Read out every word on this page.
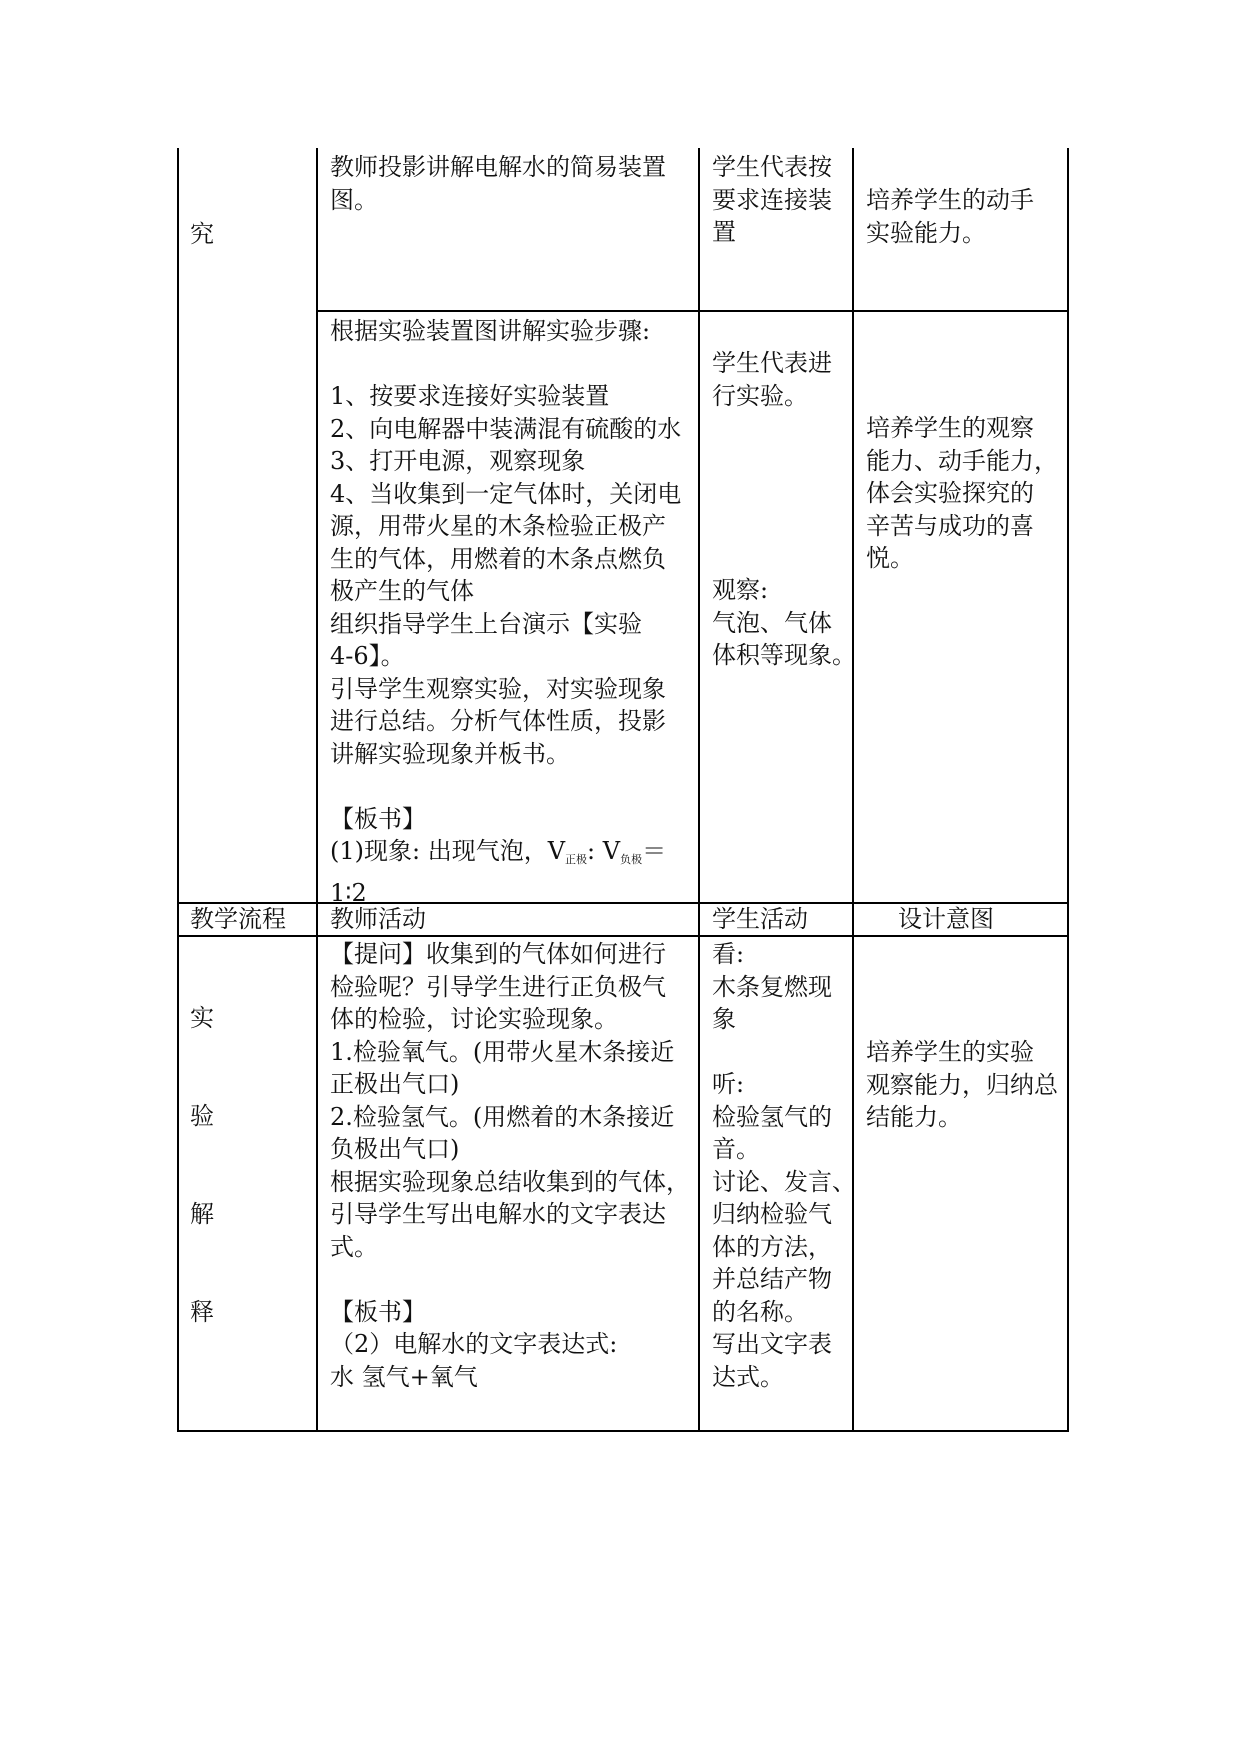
究
教师投影讲解电解水的简易装置
图。
学生代表按
要求连接装
置
培养学生的动手
实验能力。
根据实验装置图讲解实验步骤:
1、按要求连接好实验装置
2、向电解器中装满混有硫酸的水
3、打开电源，观察现象
4、当收集到一定气体时，关闭电
源，用带火星的木条检验正极产
生的气体，用燃着的木条点燃负
极产生的气体
组织指导学生上台演示【实验
4-6】。
引导学生观察实验，对实验现象
进行总结。分析气体性质，投影
讲解实验现象并板书。
【板书】
(1)现象: 出现气泡，$V_{正极}$: $V_{负极}=$
1∶2
学生代表进
行实验。
观察:
气泡、气体
体积等现象。
培养学生的观察
能力、动手能力，
体会实验探究的
辛苦与成功的喜
悦。
教学流程 教师活动	学生活动	设计意图
实
验
解
释
【提问】收集到的气体如何进行
检验呢？引导学生进行正负极气
体的检验，讨论实验现象。
1.检验氧气。(用带火星木条接近
正极出气口)
2.检验氢气。(用燃着的木条接近
负极出气口)
根据实验现象总结收集到的气体，
引导学生写出电解水的文字表达
式。
【板书】
（2）电解水的文字表达式:
水 氢气+氧气
看:
木条复燃现
象
听:
检验氢气的
音。
讨论、发言、
归纳检验气
体的方法，
并总结产物
的名称。
写出文字表
达式。
培养学生的实验
观察能力，归纳总
结能力。
